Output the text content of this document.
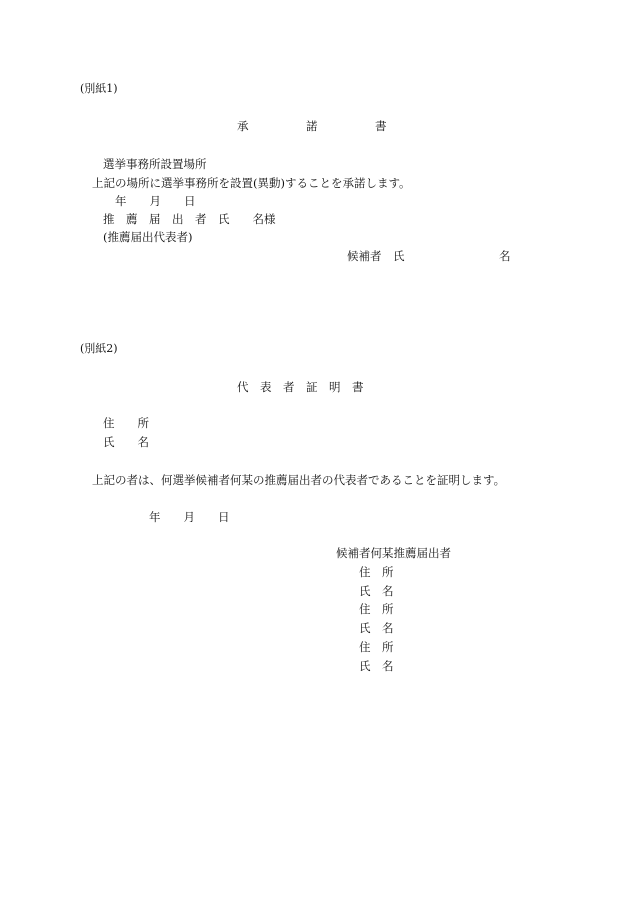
(別紙1)
承　　　　　諾　　　　　書
選挙事務所設置場所
上記の場所に選挙事務所を設置(異動)することを承諾します。
年　　月　　日
推　薦　届　出　者　氏　　名様
(推薦届出代表者)
候補者　氏	名
(別紙2)
代　表　者　証　明　書
住　　所
氏　　名
上記の者は、何選挙候補者何某の推薦届出者の代表者であることを証明します。
年　　月　　日
候補者何某推薦届出者
住　所
氏　名
住　所
氏　名
住　所
氏　名
